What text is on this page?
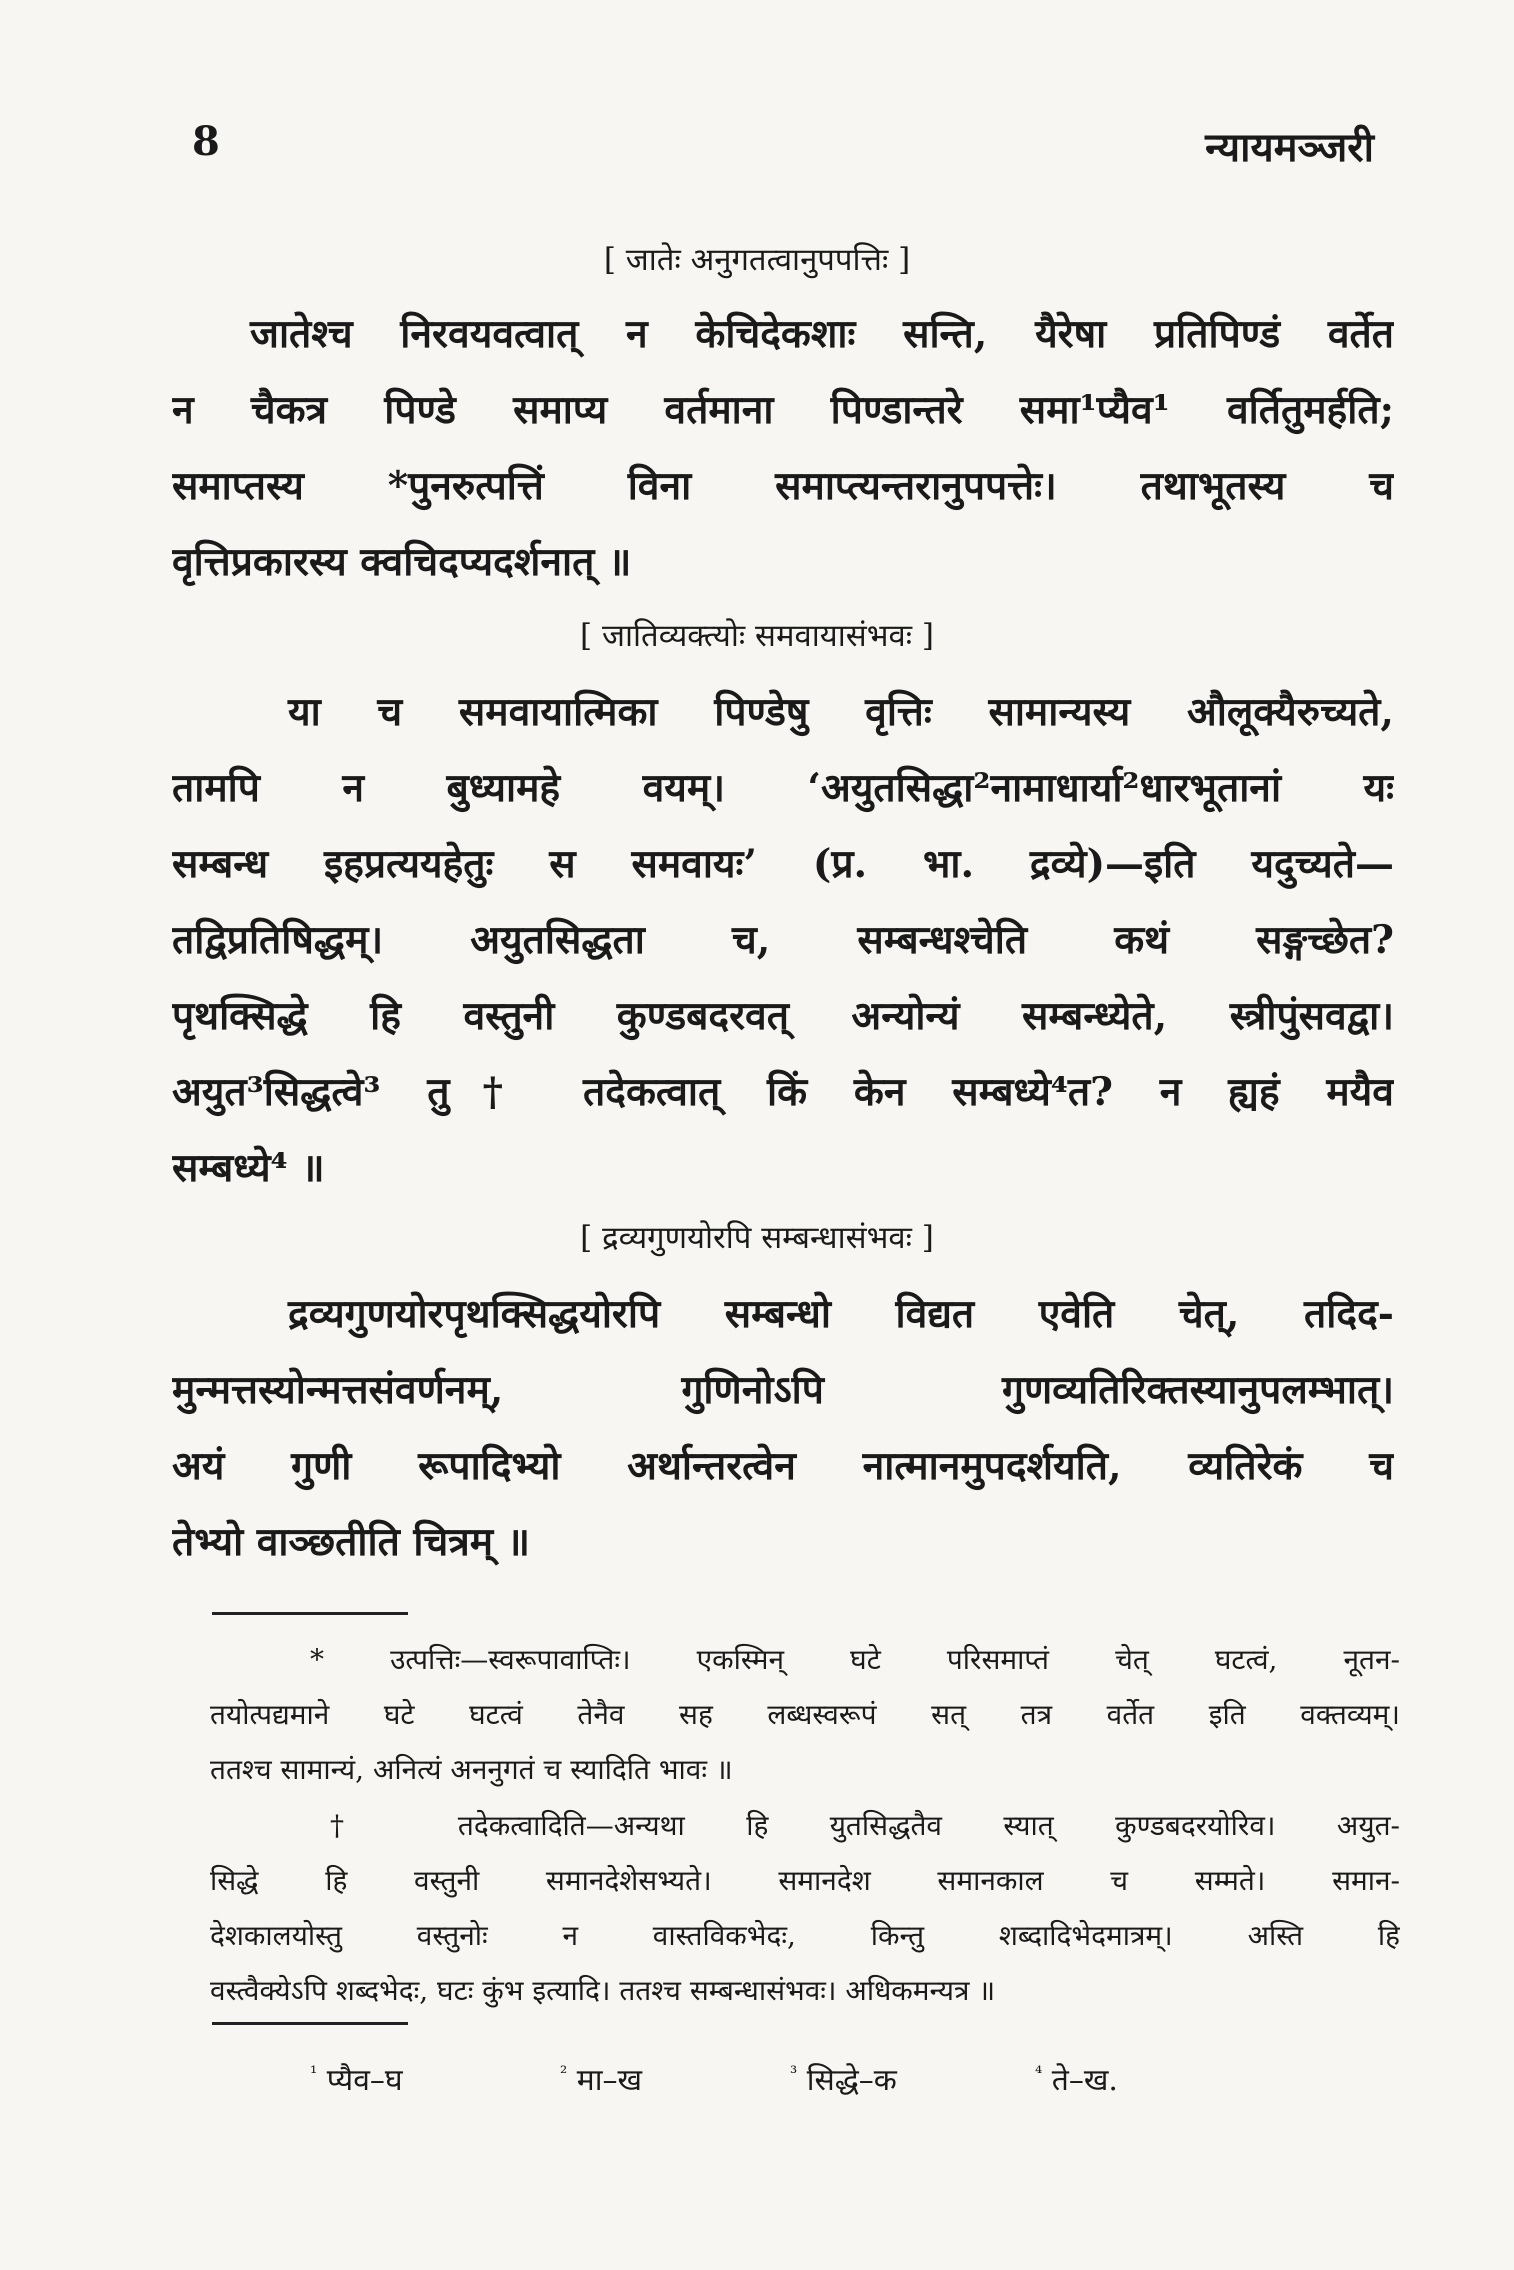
8	न्यायमञ्जरी
[ जातेः अनुगतत्वानुपपत्तिः ]
जातेश्च निरवयवत्वात् न केचिदेकशाः सन्ति, यैरेषा प्रतिपिण्डं वर्तेत
न चैकत्र पिण्डे समाप्य वर्तमाना पिण्डान्तरे समा¹प्यैव¹ वर्तितुमर्हति;
समाप्तस्य *पुनरुत्पत्तिं विना समाप्त्यन्तरानुपपत्तेः। तथाभूतस्य च
वृत्तिप्रकारस्य क्वचिदप्यदर्शनात् ॥
[ जातिव्यक्त्योः समवायासंभवः ]
या च समवायात्मिका पिण्डेषु वृत्तिः सामान्यस्य औलूक्यैरुच्यते,
तामपि न बुध्यामहे वयम्। ‘अयुतसिद्धा²नामाधार्या²धारभूतानां यः
सम्बन्ध इहप्रत्ययहेतुः स समवायः’ (प्र. भा. द्रव्ये)—इति यदुच्यते—
तद्विप्रतिषिद्धम्। अयुतसिद्धता च, सम्बन्धश्चेति कथं सङ्गच्छेत?
पृथक्सिद्धे हि वस्तुनी कुण्डबदरवत् अन्योन्यं सम्बन्ध्येते, स्त्रीपुंसवद्वा।
अयुत³सिद्धत्वे³ तु† तदेकत्वात् किं केन सम्बध्ये⁴त? न ह्यहं मयैव
सम्बध्ये⁴ ॥
[ द्रव्यगुणयोरपि सम्बन्धासंभवः ]
द्रव्यगुणयोरपृथक्सिद्धयोरपि सम्बन्धो विद्यत एवेति चेत्, तदिद-
मुन्मत्तस्योन्मत्तसंवर्णनम्, गुणिनोऽपि गुणव्यतिरिक्तस्यानुपलम्भात्।
अयं गुणी रूपादिभ्यो अर्थान्तरत्वेन नात्मानमुपदर्शयति, व्यतिरेकं च
तेभ्यो वाञ्छतीति चित्रम् ॥
* उत्पत्तिः—स्वरूपावाप्तिः। एकस्मिन् घटे परिसमाप्तं चेत् घटत्वं, नूतन-
तयोत्पद्यमाने घटे घटत्वं तेनैव सह लब्धस्वरूपं सत् तत्र वर्तेत इति वक्तव्यम्।
ततश्च सामान्यं, अनित्यं अननुगतं च स्यादिति भावः ॥
† तदेकत्वादिति—अन्यथा हि युतसिद्धतैव स्यात् कुण्डबदरयोरिव। अयुत-
सिद्धे हि वस्तुनी समानदेशेसभ्यते। समानदेश समानकाल च सम्मते। समान-
देशकालयोस्तु वस्तुनोः न वास्तविकभेदः, किन्तु शब्दादिभेदमात्रम्। अस्ति हि
वस्त्वैक्येऽपि शब्दभेदः, घटः कुंभ इत्यादि। ततश्च सम्बन्धासंभवः। अधिकमन्यत्र ॥
$^{^1}$ प्यैव–घ	$^{^2}$ मा–ख	$^{^3}$ सिद्धे–क	$^{^4}$ ते–ख.
